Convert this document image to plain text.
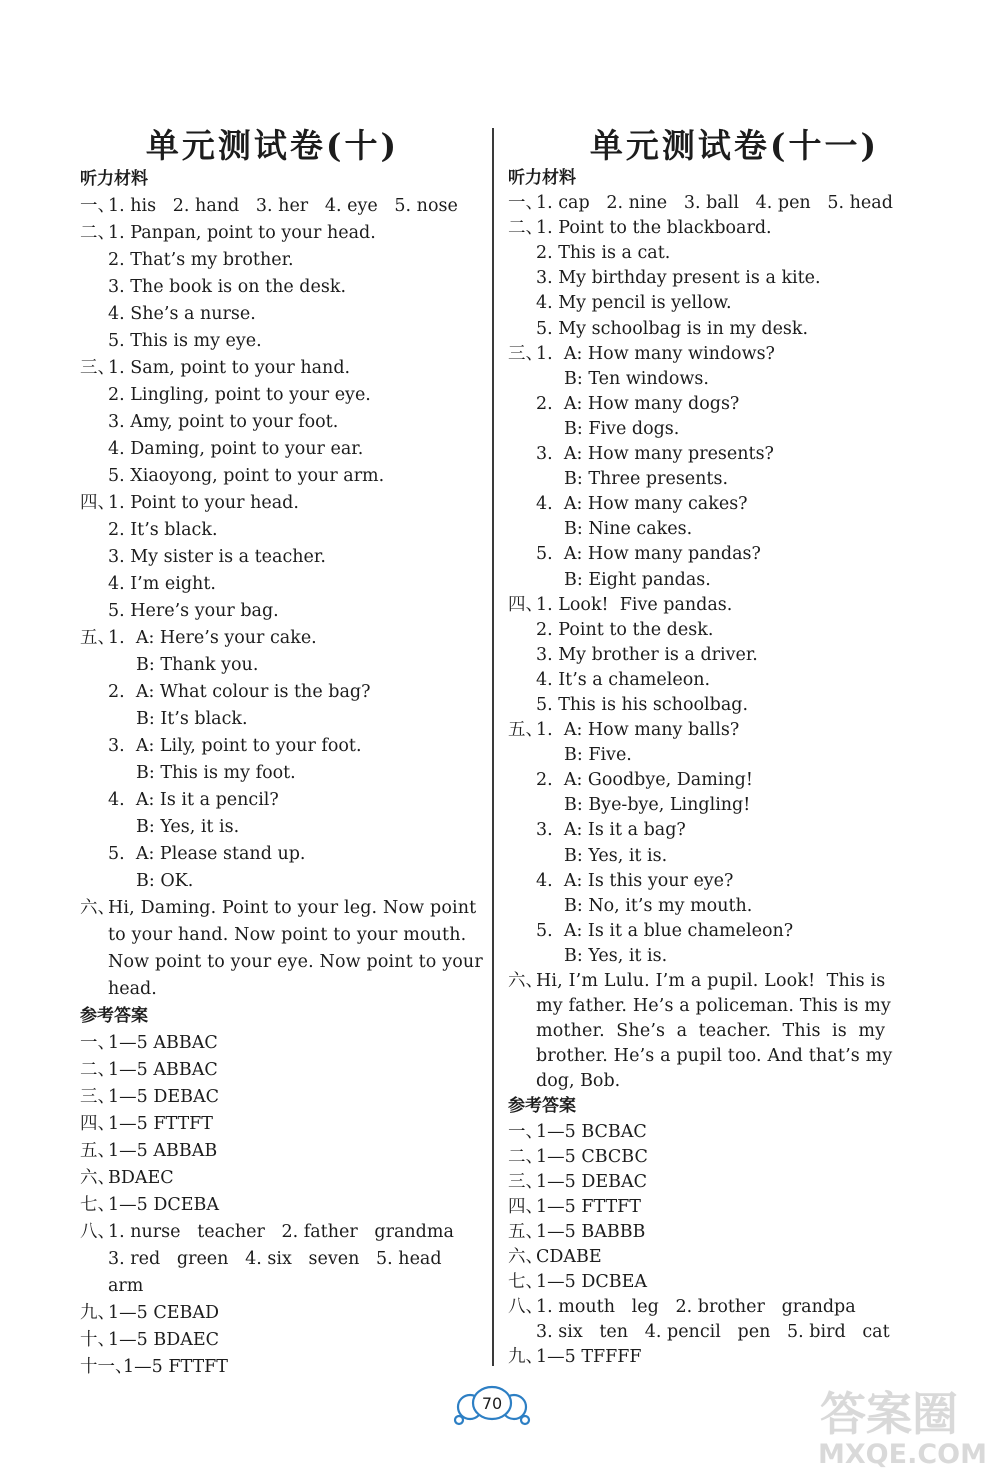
单元测试卷(十)
听力材料
一、
1. his   2. hand   3. her   4. eye   5. nose
二、
1. Panpan, point to your head.
2. That’s my brother.
3. The book is on the desk.
4. She’s a nurse.
5. This is my eye.
三、
1. Sam, point to your hand.
2. Lingling, point to your eye.
3. Amy, point to your foot.
4. Daming, point to your ear.
5. Xiaoyong, point to your arm.
四、
1. Point to your head.
2. It’s black.
3. My sister is a teacher.
4. I’m eight.
5. Here’s your bag.
五、
1.  A: Here’s your cake.
B: Thank you.
2.  A: What colour is the bag?
B: It’s black.
3.  A: Lily, point to your foot.
B: This is my foot.
4.  A: Is it a pencil?
B: Yes, it is.
5.  A: Please stand up.
B: OK.
六、
Hi, Daming. Point to your leg. Now point
to your hand. Now point to your mouth.
Now point to your eye. Now point to your
head.
参考答案
一、
1—5 ABBAC
二、
1—5 ABBAC
三、
1—5 DEBAC
四、
1—5 FTTFT
五、
1—5 ABBAB
六、
BDAEC
七、
1—5 DCEBA
八、
1. nurse   teacher   2. father   grandma
3. red   green   4. six   seven   5. head
arm
九、
1—5 CEBAD
十、
1—5 BDAEC
十一、
1—5 FTTFT
单元测试卷(十一)
听力材料
一、
1. cap   2. nine   3. ball   4. pen   5. head
二、
1. Point to the blackboard.
2. This is a cat.
3. My birthday present is a kite.
4. My pencil is yellow.
5. My schoolbag is in my desk.
三、
1.  A: How many windows?
B: Ten windows.
2.  A: How many dogs?
B: Five dogs.
3.  A: How many presents?
B: Three presents.
4.  A: How many cakes?
B: Nine cakes.
5.  A: How many pandas?
B: Eight pandas.
四、
1. Look!  Five pandas.
2. Point to the desk.
3. My brother is a driver.
4. It’s a chameleon.
5. This is his schoolbag.
五、
1.  A: How many balls?
B: Five.
2.  A: Goodbye, Daming!
B: Bye-bye, Lingling!
3.  A: Is it a bag?
B: Yes, it is.
4.  A: Is this your eye?
B: No, it’s my mouth.
5.  A: Is it a blue chameleon?
B: Yes, it is.
六、
Hi, I’m Lulu. I’m a pupil. Look!  This is
my father. He’s a policeman. This is my
mother.  She’s  a  teacher.  This  is  my
brother. He’s a pupil too. And that’s my
dog, Bob.
参考答案
一、
1—5 BCBAC
二、
1—5 CBCBC
三、
1—5 DEBAC
四、
1—5 FTTFT
五、
1—5 BABBB
六、
CDABE
七、
1—5 DCBEA
八、
1. mouth   leg   2. brother   grandpa
3. six   ten   4. pencil   pen   5. bird   cat
九、
1—5 TFFFF
70	答案圈
MXQE.COM
